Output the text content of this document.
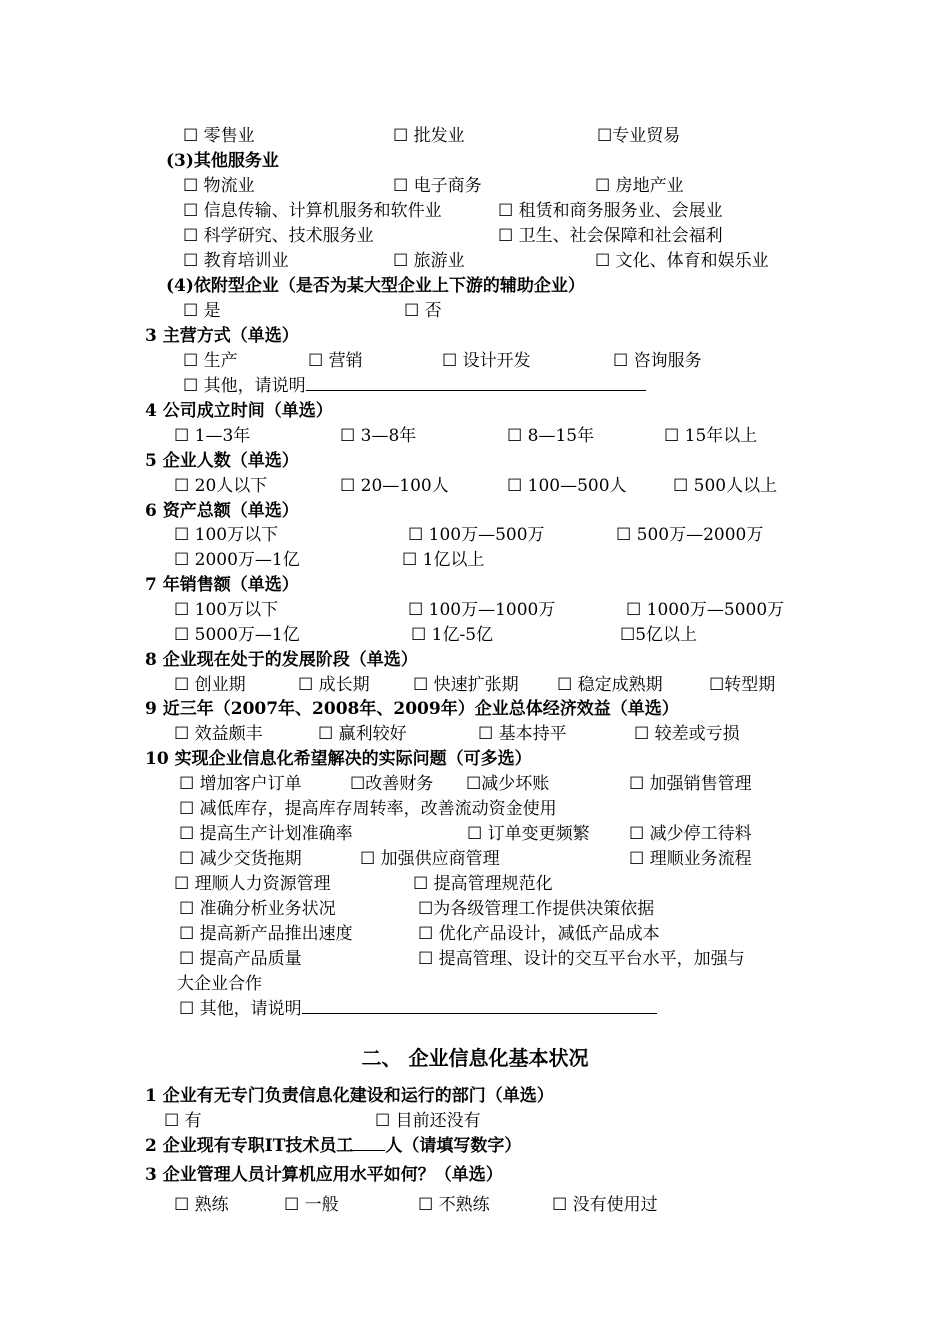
☐ 零售业	☐ 批发业	☐专业贸易
(3)其他服务业
☐ 物流业	☐ 电子商务	☐ 房地产业
☐ 信息传输、计算机服务和软件业	☐ 租赁和商务服务业、会展业
☐ 科学研究、技术服务业	☐ 卫生、社会保障和社会福利
☐ 教育培训业	☐ 旅游业	☐ 文化、体育和娱乐业
(4)依附型企业（是否为某大型企业上下游的辅助企业）
☐ 是	☐ 否
3 主营方式（单选）
☐ 生产	☐ 营销	☐ 设计开发	☐ 咨询服务
☐ 其他，请说明
4 公司成立时间（单选）
☐ 1—3年	☐ 3—8年	☐ 8—15年	☐ 15年以上
5 企业人数（单选）
☐ 20人以下	☐ 20—100人	☐ 100—500人	☐ 500人以上
6 资产总额（单选）
☐ 100万以下	☐ 100万—500万	☐ 500万—2000万
☐ 2000万—1亿	☐ 1亿以上
7 年销售额（单选）
☐ 100万以下	☐ 100万—1000万	☐ 1000万—5000万
☐ 5000万—1亿	☐ 1亿-5亿	☐5亿以上
8 企业现在处于的发展阶段（单选）
☐ 创业期	☐ 成长期	☐ 快速扩张期 ☐ 稳定成熟期	☐转型期
9 近三年（2007年、2008年、2009年）企业总体经济效益（单选）
☐ 效益颇丰	☐ 赢利较好	☐ 基本持平	☐ 较差或亏损
10 实现企业信息化希望解决的实际问题（可多选）
☐ 增加客户订单	☐改善财务 ☐减少坏账	☐ 加强销售管理
☐ 减低库存，提高库存周转率，改善流动资金使用
☐ 提高生产计划准确率	☐ 订单变更频繁 ☐ 减少停工待料
☐ 减少交货拖期	☐ 加强供应商管理	☐ 理顺业务流程
☐ 理顺人力资源管理	☐ 提高管理规范化
☐ 准确分析业务状况	☐为各级管理工作提供决策依据
☐ 提高新产品推出速度	☐ 优化产品设计，减低产品成本
☐ 提高产品质量	☐ 提高管理、设计的交互平台水平，加强与
大企业合作
☐ 其他，请说明
二、 企业信息化基本状况
1 企业有无专门负责信息化建设和运行的部门（单选）
☐ 有	☐ 目前还没有
2 企业现有专职IT技术员工 人（请填写数字）
3 企业管理人员计算机应用水平如何？（单选）
☐ 熟练	☐ 一般	☐ 不熟练	☐ 没有使用过
